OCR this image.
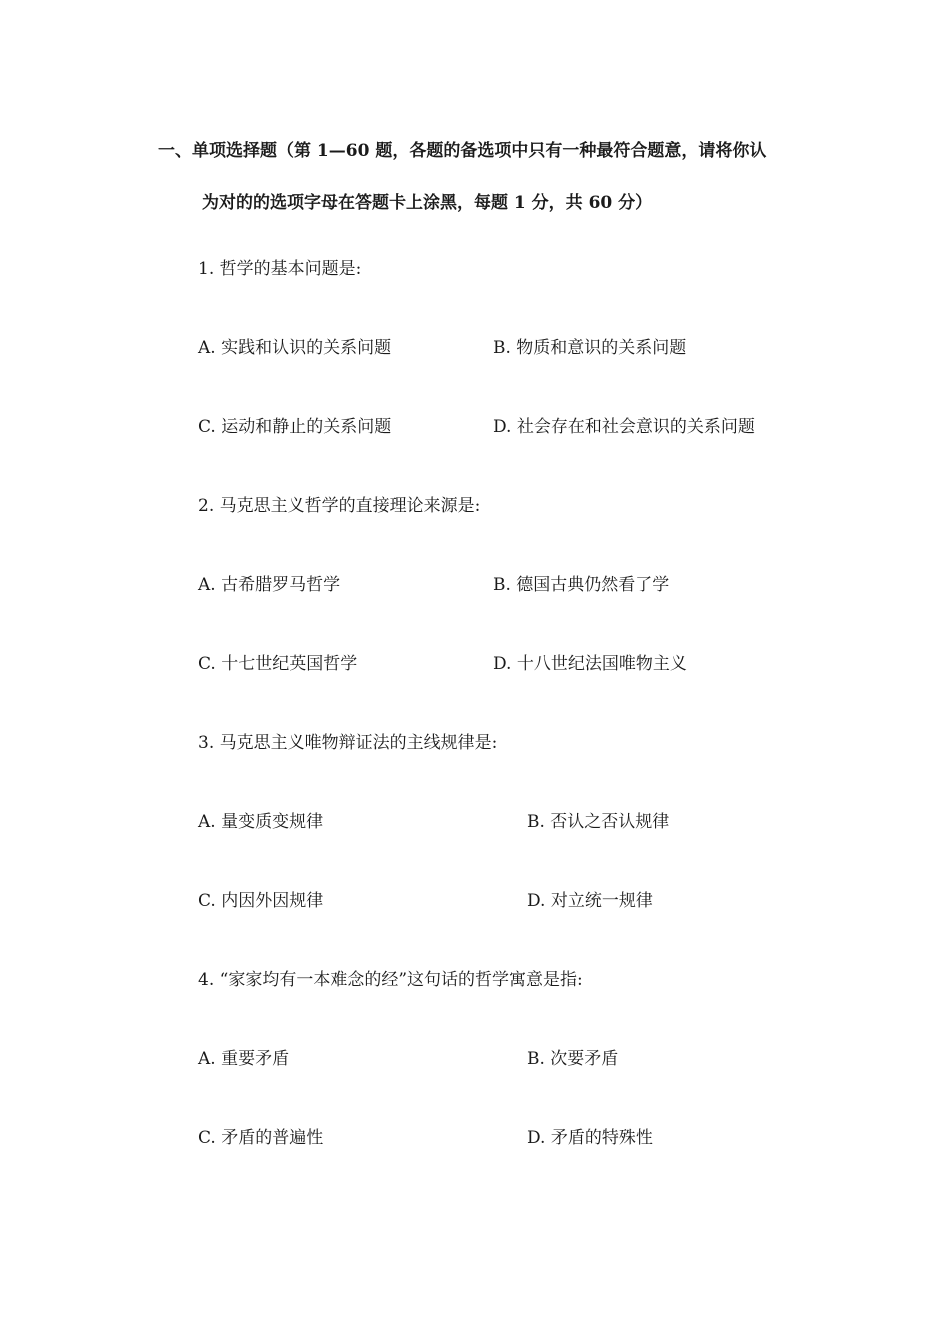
一、单项选择题（第 1—60 题，各题的备选项中只有一种最符合题意，请将你认
为对的的选项字母在答题卡上涂黑，每题 1 分，共 60 分）
1. 哲学的基本问题是:
A. 实践和认识的关系问题	B. 物质和意识的关系问题
C. 运动和静止的关系问题	D. 社会存在和社会意识的关系问题
2. 马克思主义哲学的直接理论来源是:
A. 古希腊罗马哲学	B. 德国古典仍然看了学
C. 十七世纪英国哲学	D. 十八世纪法国唯物主义
3. 马克思主义唯物辩证法的主线规律是:
A. 量变质变规律	B. 否认之否认规律
C. 内因外因规律	D. 对立统一规律
4. “家家均有一本难念的经”这句话的哲学寓意是指:
A. 重要矛盾	B. 次要矛盾
C. 矛盾的普遍性	D. 矛盾的特殊性
